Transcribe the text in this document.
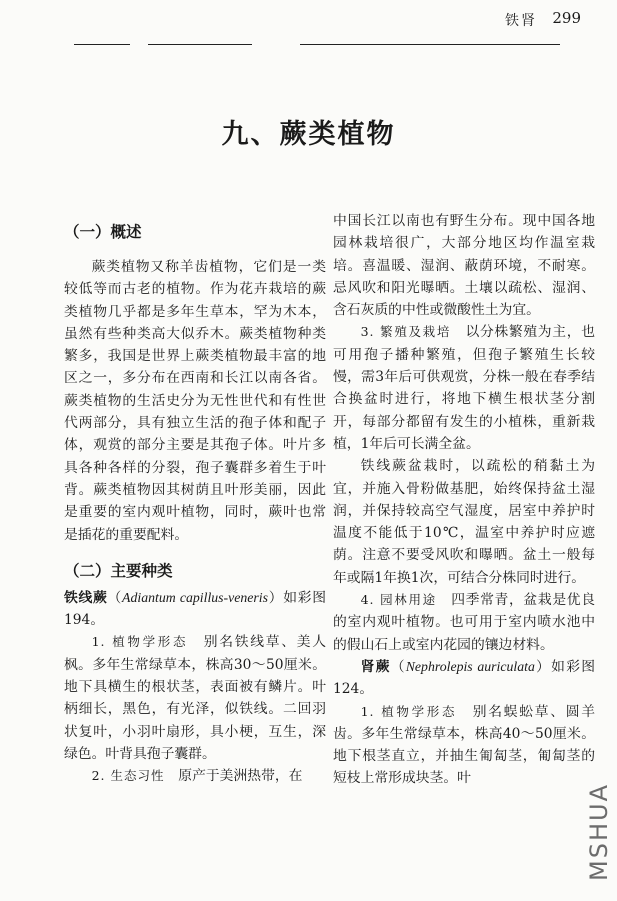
铁肾 299
九、蕨类植物
（一）概述

蕨类植物又称羊齿植物，它们是一类较低等而古老的植物。作为花卉栽培的蕨类植物几乎都是多年生草本，罕为木本，虽然有些种类高大似乔木。蕨类植物种类繁多，我国是世界上蕨类植物最丰富的地区之一，多分布在西南和长江以南各省。蕨类植物的生活史分为无性世代和有性世代两部分，具有独立生活的孢子体和配子体，观赏的部分主要是其孢子体。叶片多具各种各样的分裂，孢子囊群多着生于叶背。蕨类植物因其树荫且叶形美丽，因此是重要的室内观叶植物，同时，蕨叶也常是插花的重要配料。

（二）主要种类

铁线蕨（Adiantum capillus-veneris）如彩图194。

1. 植物学形态　别名铁线草、美人枫。多年生常绿草本，株高30～50厘米。地下具横生的根状茎，表面被有鳞片。叶柄细长，黑色，有光泽，似铁线。二回羽状复叶，小羽叶扇形，具小梗，互生，深绿色。叶背具孢子囊群。

2. 生态习性　原产于美洲热带，在

中国长江以南也有野生分布。现中国各地园林栽培很广，大部分地区均作温室栽培。喜温暖、湿润、蔽荫环境，不耐寒。忌风吹和阳光曝晒。土壤以疏松、湿润、含石灰质的中性或微酸性土为宜。

3. 繁殖及栽培　以分株繁殖为主，也可用孢子播种繁殖，但孢子繁殖生长较慢，需3年后可供观赏，分株一般在春季结合换盆时进行，将地下横生根状茎分割开，每部分都留有发生的小植株，重新栽植，1年后可长满全盆。

铁线蕨盆栽时，以疏松的稍黏土为宜，并施入骨粉做基肥，始终保持盆土湿润，并保持较高空气湿度，居室中养护时温度不能低于10℃，温室中养护时应遮荫。注意不要受风吹和曝晒。盆土一般每年或隔1年换1次，可结合分株同时进行。

4. 园林用途　四季常青，盆栽是优良的室内观叶植物。也可用于室内喷水池中的假山石上或室内花园的镶边材料。

肾蕨（Nephrolepis auriculata）如彩图124。

1. 植物学形态　别名蜈蚣草、圆羊齿。多年生常绿草本，株高40～50厘米。地下根茎直立，并抽生匍匐茎，匍匐茎的短枝上常形成块茎。叶

MSHUA
